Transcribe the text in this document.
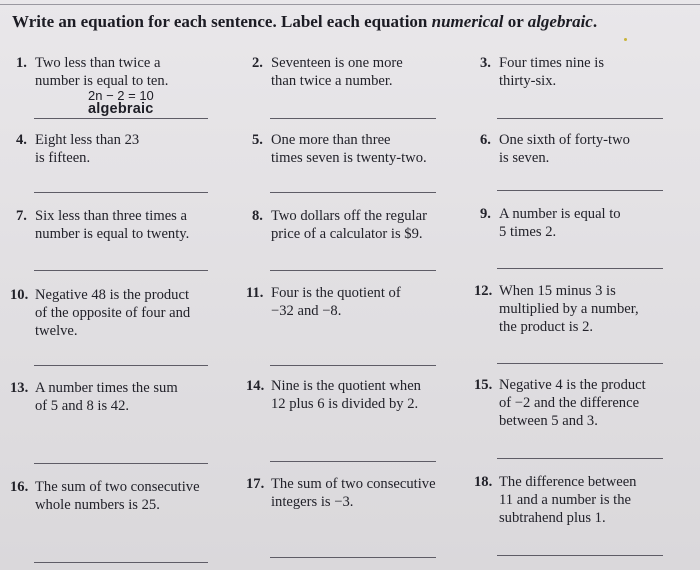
Write an equation for each sentence. Label each equation numerical or algebraic.
1. Two less than twice a
number is equal to ten.
2n − 2 = 10
algebraic
2. Seventeen is one more
than twice a number.
3. Four times nine is
thirty-six.
4. Eight less than 23
is fifteen.
5. One more than three
times seven is twenty-two.
6. One sixth of forty-two
is seven.
7. Six less than three times a
number is equal to twenty.
8. Two dollars off the regular
price of a calculator is $9.
9. A number is equal to
5 times 2.
10. Negative 48 is the product
of the opposite of four and
twelve.
11. Four is the quotient of
−32 and −8.
12. When 15 minus 3 is
multiplied by a number,
the product is 2.
13. A number times the sum
of 5 and 8 is 42.
14. Nine is the quotient when
12 plus 6 is divided by 2.
15. Negative 4 is the product
of −2 and the difference
between 5 and 3.
16. The sum of two consecutive
whole numbers is 25.
17. The sum of two consecutive
integers is −3.
18. The difference between
11 and a number is the
subtrahend plus 1.
